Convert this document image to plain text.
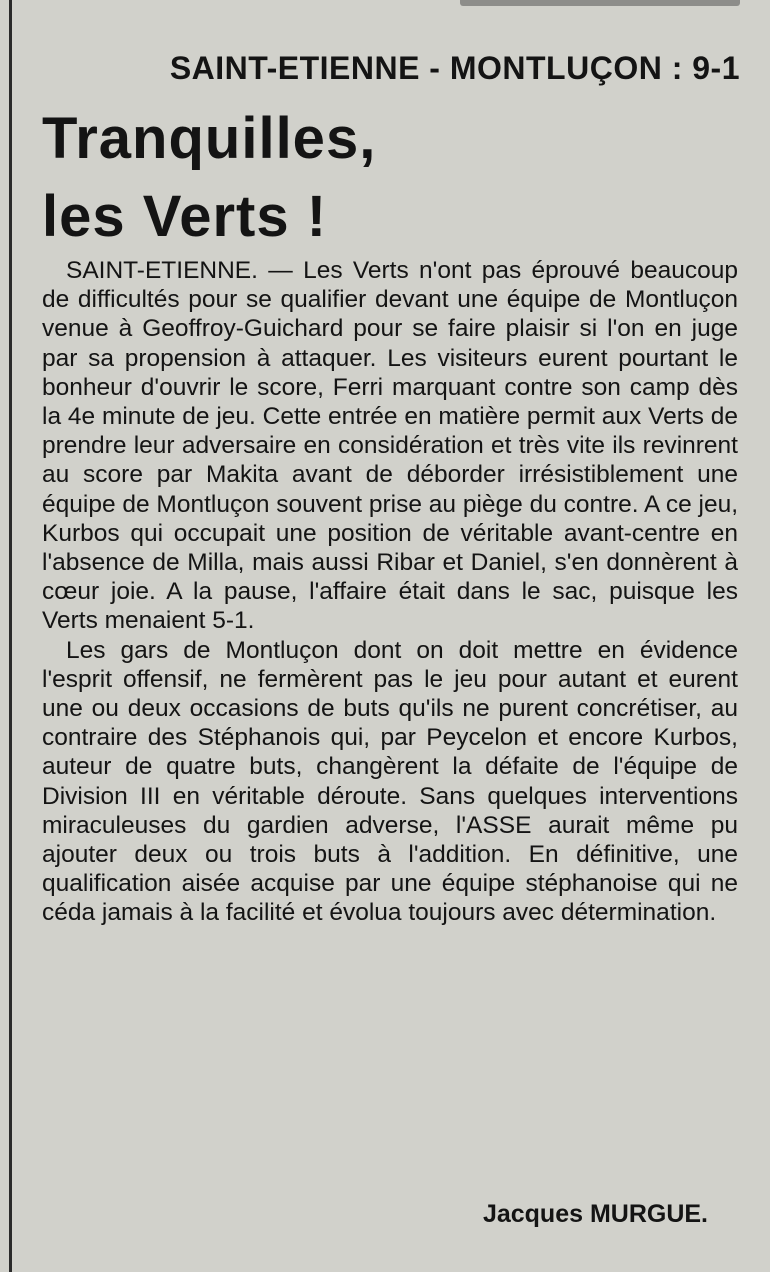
SAINT-ETIENNE - MONTLUÇON : 9-1
Tranquilles,
les Verts !

SAINT-ETIENNE. — Les Verts n'ont pas éprouvé beaucoup de difficultés pour se qualifier devant une équipe de Montluçon venue à Geoffroy-Guichard pour se faire plaisir si l'on en juge par sa propension à attaquer. Les visiteurs eurent pourtant le bonheur d'ouvrir le score, Ferri marquant contre son camp dès la 4e minute de jeu. Cette entrée en matière permit aux Verts de prendre leur adversaire en considération et très vite ils revinrent au score par Makita avant de déborder irrésistiblement une équipe de Montluçon souvent prise au piège du contre. A ce jeu, Kurbos qui occupait une position de véritable avant-centre en l'absence de Milla, mais aussi Ribar et Daniel, s'en donnèrent à cœur joie. A la pause, l'affaire était dans le sac, puisque les Verts menaient 5-1.

Les gars de Montluçon dont on doit mettre en évidence l'esprit offensif, ne fermèrent pas le jeu pour autant et eurent une ou deux occasions de buts qu'ils ne purent concrétiser, au contraire des Stéphanois qui, par Peycelon et encore Kurbos, auteur de quatre buts, changèrent la défaite de l'équipe de Division III en véritable déroute. Sans quelques interventions miraculeuses du gardien adverse, l'ASSE aurait même pu ajouter deux ou trois buts à l'addition. En définitive, une qualification aisée acquise par une équipe stéphanoise qui ne céda jamais à la facilité et évolua toujours avec détermination.

Jacques MURGUE.
